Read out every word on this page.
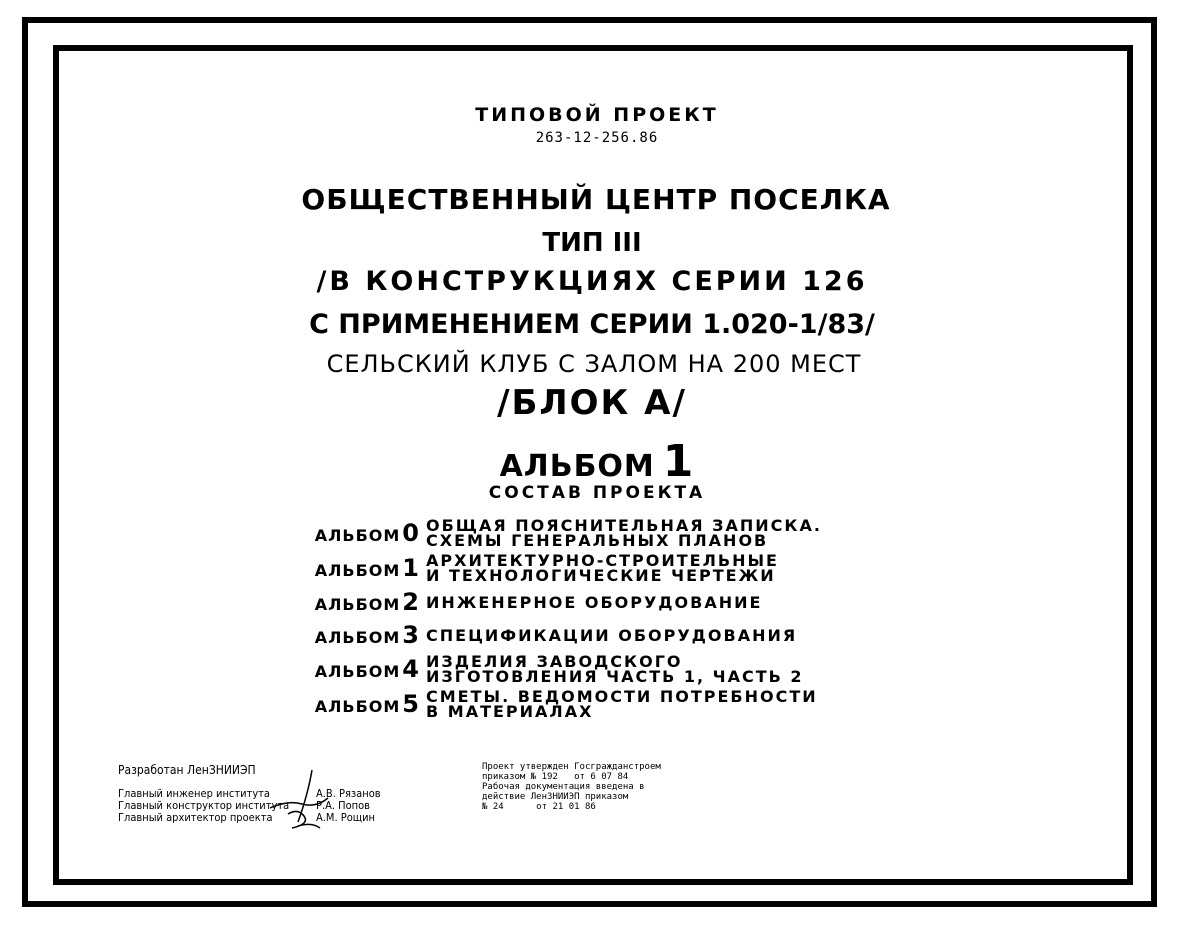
ТИПОВОЙ ПРОЕКТ
263-12-256.86
ОБЩЕСТВЕННЫЙ ЦЕНТР ПОСЕЛКА
ТИП III
/В КОНСТРУКЦИЯХ СЕРИИ 126
С ПРИМЕНЕНИЕМ СЕРИИ 1.020-1/83/
СЕЛЬСКИЙ КЛУБ С ЗАЛОМ НА 200 МЕСТ
/БЛОК А/
АЛЬБОМ 1
СОСТАВ ПРОЕКТА
АЛЬБОМ0 ОБЩАЯ ПОЯСНИТЕЛЬНАЯ ЗАПИСКА.
СХЕМЫ ГЕНЕРАЛЬНЫХ ПЛАНОВ
АЛЬБОМ1 АРХИТЕКТУРНО-СТРОИТЕЛЬНЫЕ
И ТЕХНОЛОГИЧЕСКИЕ ЧЕРТЕЖИ
АЛЬБОМ2 ИНЖЕНЕРНОЕ ОБОРУДОВАНИЕ
АЛЬБОМ3 СПЕЦИФИКАЦИИ ОБОРУДОВАНИЯ
АЛЬБОМ4 ИЗДЕЛИЯ ЗАВОДСКОГО
ИЗГОТОВЛЕНИЯ ЧАСТЬ 1, ЧАСТЬ 2
АЛЬБОМ5 СМЕТЫ. ВЕДОМОСТИ ПОТРЕБНОСТИ
В МАТЕРИАЛАХ
Разработан ЛенЗНИИЭП
Главный инженер института	А.В. Рязанов
Главный конструктор института	Р.А. Попов
Главный архитектор проекта	А.М. Рощин
Проект утвержден Госгражданстроем
приказом № 192   от 6 07 84
Рабочая документация введена в
действие ЛенЗНИИЭП приказом
№ 24      от 21 01 86
